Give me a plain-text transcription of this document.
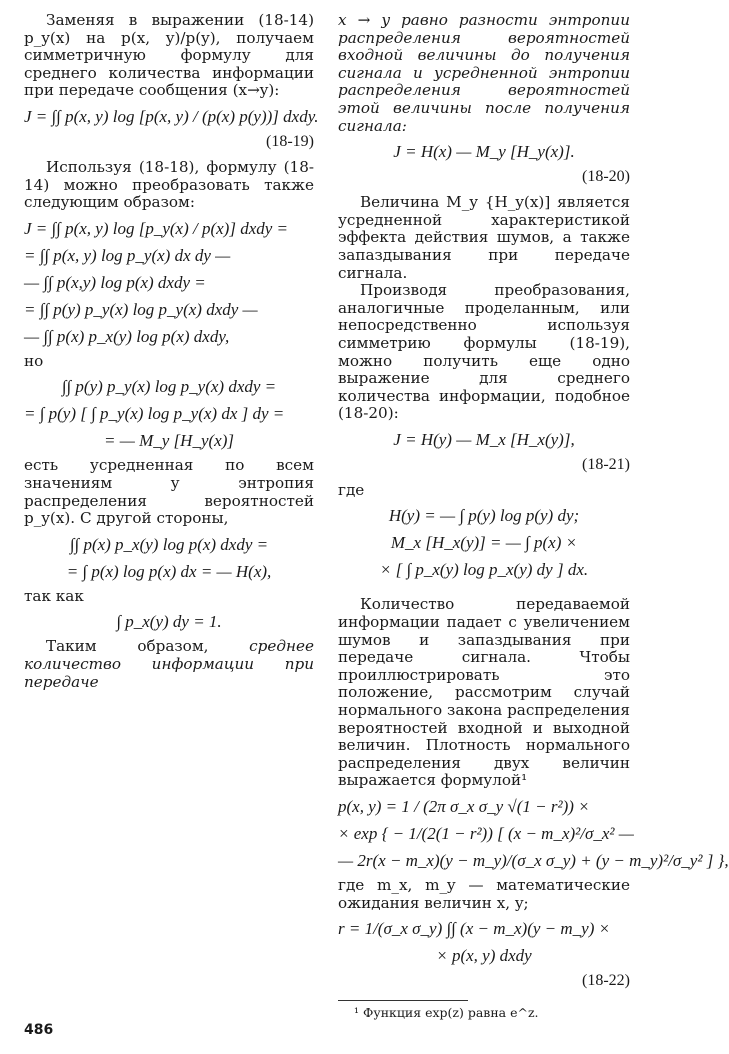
Заменяя в выражении (18-14) p_y(x) на p(x, y)/p(y), получаем симметричную формулу для среднего количества информации при передаче сообщения (x→y):

J = ∫∫ p(x, y) log [p(x, y) / (p(x) p(y))] dxdy.
(18-19)

Используя (18-18), формулу (18-14) можно преобразовать также следующим образом:

J = ∫∫ p(x, y) log [p_y(x) / p(x)] dxdy =
= ∫∫ p(x, y) log p_y(x) dx dy —
— ∫∫ p(x,y) log p(x) dxdy =
= ∫∫ p(y) p_y(x) log p_y(x) dxdy —
— ∫∫ p(x) p_x(y) log p(x) dxdy,

но

∫∫ p(y) p_y(x) log p_y(x) dxdy =
= ∫ p(y) [ ∫ p_y(x) log p_y(x) dx ] dy =
= — M_y [H_y(x)]

есть усредненная по всем значениям y энтропия распределения вероятностей p_y(x). С другой стороны,

∫∫ p(x) p_x(y) log p(x) dxdy =
= ∫ p(x) log p(x) dx = — H(x),

так как

∫ p_x(y) dy = 1.

Таким образом, среднее количество информации при передаче

x → y равно разности энтропии распределения вероятностей входной величины до получения сигнала и усредненной энтропии распределения вероятностей этой величины после получения сигнала:

J = H(x) — M_y [H_y(x)].
(18-20)

Величина M_y {H_y(x)] является усредненной характеристикой эффекта действия шумов, а также запаздывания при передаче сигнала.

Производя преобразования, аналогичные проделанным, или непосредственно используя симметрию формулы (18-19), можно получить еще одно выражение для среднего количества информации, подобное (18-20):

J = H(y) — M_x [H_x(y)],
(18-21)

где

H(y) = — ∫ p(y) log p(y) dy;
M_x [H_x(y)] = — ∫ p(x) ×
× [ ∫ p_x(y) log p_x(y) dy ] dx.

Количество передаваемой информации падает с увеличением шумов и запаздывания при передаче сигнала. Чтобы проиллюстрировать это положение, рассмотрим случай нормального закона распределения вероятностей входной и выходной величин. Плотность нормального распределения двух величин выражается формулой¹

p(x, y) = 1 / (2π σ_x σ_y √(1 − r²)) ×
× exp { − 1/(2(1 − r²)) [ (x − m_x)²/σ_x² —
— 2r(x − m_x)(y − m_y)/(σ_x σ_y) + (y − m_y)²/σ_y² ] },

где m_x, m_y — математические ожидания величин x, y;

r = 1/(σ_x σ_y) ∫∫ (x − m_x)(y − m_y) ×
× p(x, y) dxdy
(18-22)

¹ Функция exp(z) равна e^z.

486
